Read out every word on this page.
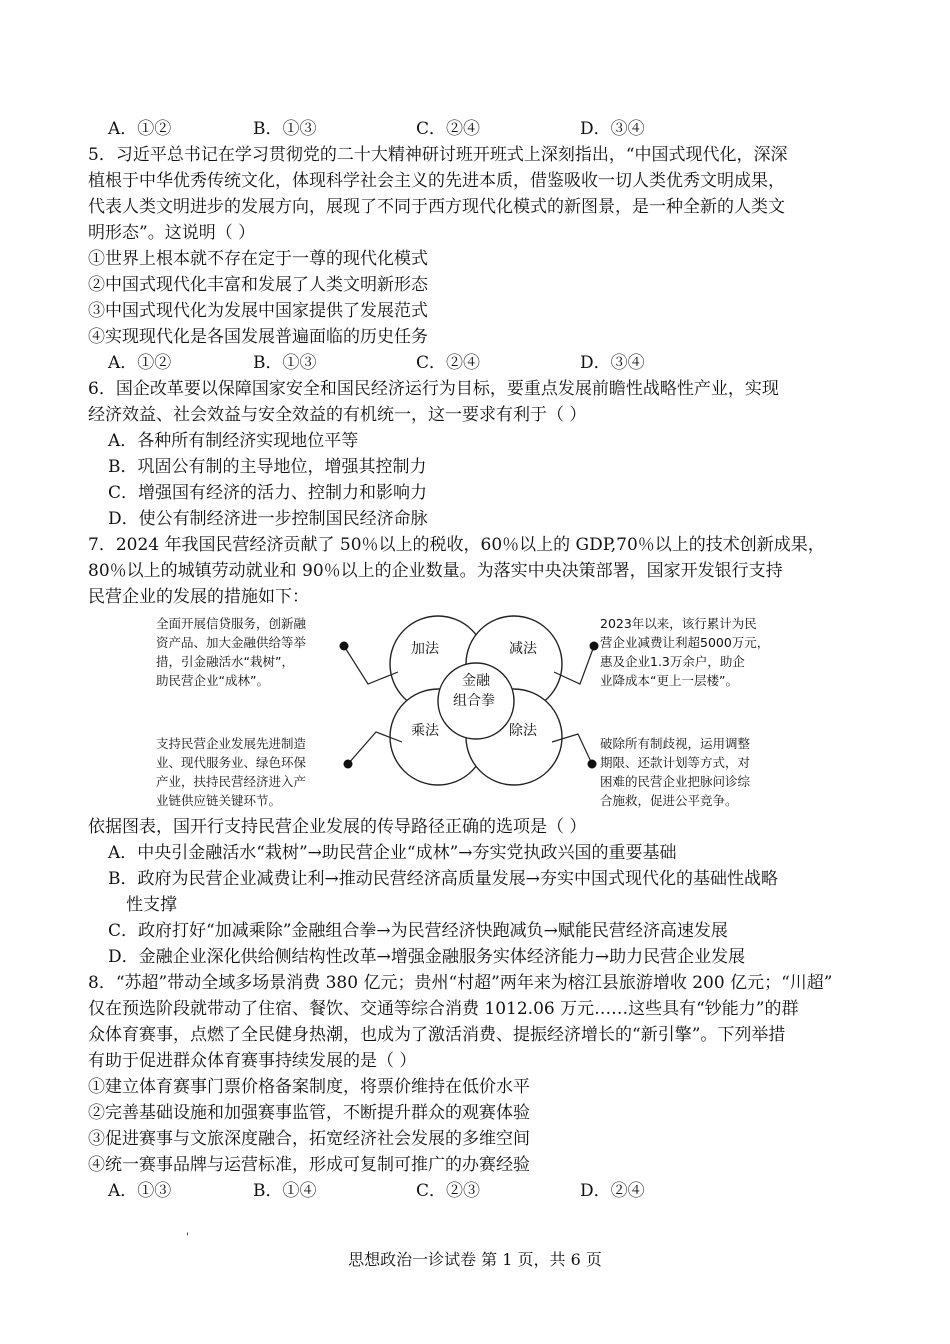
A．①②	B．①③	C．②④	D．③④
5．习近平总书记在学习贯彻党的二十大精神研讨班开班式上深刻指出，“中国式现代化，深深
植根于中华优秀传统文化，体现科学社会主义的先进本质，借鉴吸收一切人类优秀文明成果，
代表人类文明进步的发展方向，展现了不同于西方现代化模式的新图景，是一种全新的人类文
明形态”。这说明（ ）
①世界上根本就不存在定于一尊的现代化模式
②中国式现代化丰富和发展了人类文明新形态
③中国式现代化为发展中国家提供了发展范式
④实现现代化是各国发展普遍面临的历史任务
A．①②	B．①③	C．②④	D．③④
6．国企改革要以保障国家安全和国民经济运行为目标，要重点发展前瞻性战略性产业，实现
经济效益、社会效益与安全效益的有机统一，这一要求有利于（ ）
A．各种所有制经济实现地位平等
B．巩固公有制的主导地位，增强其控制力
C．增强国有经济的活力、控制力和影响力
D．使公有制经济进一步控制国民经济命脉
7．2024 年我国民营经济贡献了 50％以上的税收，60％以上的 GDP,70％以上的技术创新成果，
80％以上的城镇劳动就业和 90％以上的企业数量。为落实中央决策部署，国家开发银行支持
民营企业的发展的措施如下：
加法	减法
乘法	除法
金融
组合拳
全面开展信贷服务，创新融
资产品、加大金融供给等举
措，引金融活水“栽树”，
助民营企业“成林”。
2023年以来，该行累计为民
营企业减费让利超5000万元，
惠及企业1.3万余户，助企
业降成本“更上一层楼”。
支持民营企业发展先进制造
业、现代服务业、绿色环保
产业，扶持民营经济进入产
业链供应链关键环节。
破除所有制歧视，运用调整
期限、还款计划等方式，对
困难的民营企业把脉问诊综
合施救，促进公平竞争。
依据图表，国开行支持民营企业发展的传导路径正确的选项是（ ）
A．中央引金融活水“栽树”→助民营企业“成林”→夯实党执政兴国的重要基础
B．政府为民营企业减费让利→推动民营经济高质量发展→夯实中国式现代化的基础性战略
性支撑
C．政府打好“加减乘除”金融组合拳→为民营经济快跑减负→赋能民营经济高速发展
D．金融企业深化供给侧结构性改革→增强金融服务实体经济能力→助力民营企业发展
8．“苏超”带动全域多场景消费 380 亿元；贵州“村超”两年来为榕江县旅游增收 200 亿元；“川超”
仅在预选阶段就带动了住宿、餐饮、交通等综合消费 1012.06 万元……这些具有“钞能力”的群
众体育赛事，点燃了全民健身热潮，也成为了激活消费、提振经济增长的“新引擎”。下列举措
有助于促进群众体育赛事持续发展的是（ ）
①建立体育赛事门票价格备案制度，将票价维持在低价水平
②完善基础设施和加强赛事监管，不断提升群众的观赛体验
③促进赛事与文旅深度融合，拓宽经济社会发展的多维空间
④统一赛事品牌与运营标准，形成可复制可推广的办赛经验
A．①③	B．①④	C．②③	D．②④
'
思想政治一诊试卷 第 1 页，共 6 页
